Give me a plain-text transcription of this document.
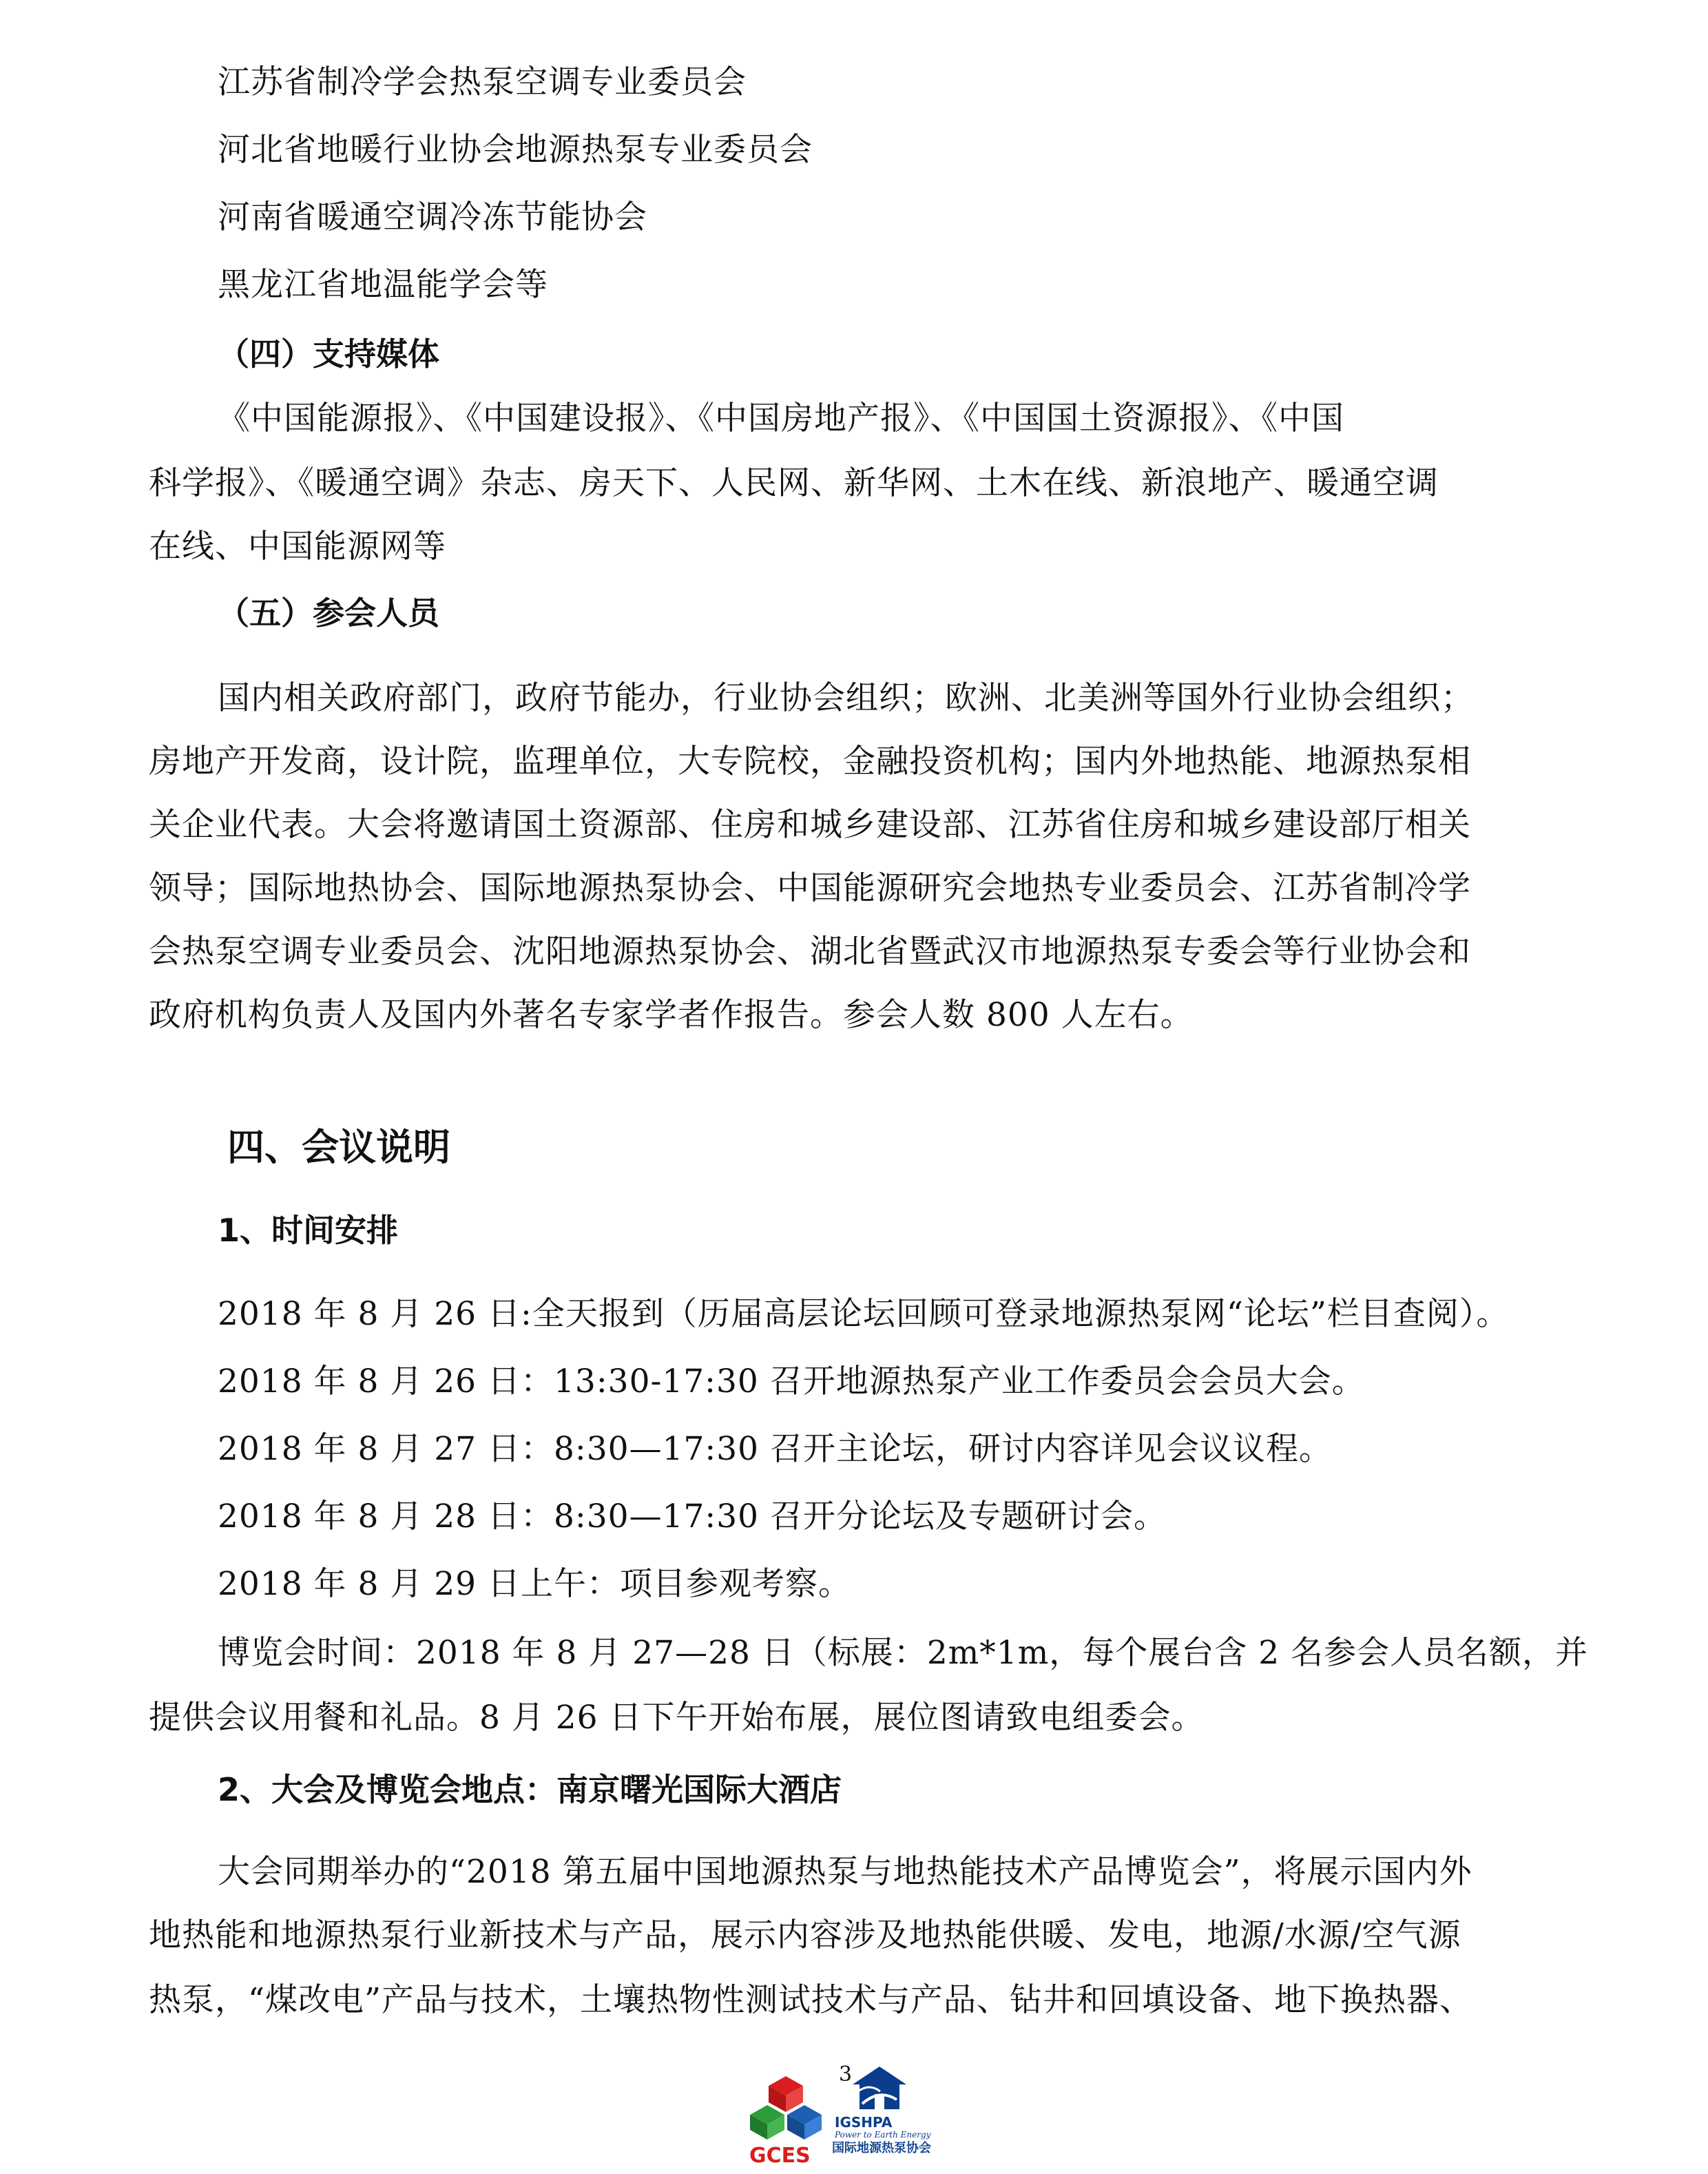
江苏省制冷学会热泵空调专业委员会
河北省地暖行业协会地源热泵专业委员会
河南省暖通空调冷冻节能协会
黑龙江省地温能学会等
（四）支持媒体
《中国能源报》、《中国建设报》、《中国房地产报》、《中国国土资源报》、《中国
科学报》、《暖通空调》杂志、房天下、人民网、新华网、土木在线、新浪地产、暖通空调
在线、中国能源网等
（五）参会人员
国内相关政府部门，政府节能办，行业协会组织；欧洲、北美洲等国外行业协会组织；
房地产开发商，设计院，监理单位，大专院校，金融投资机构；国内外地热能、地源热泵相
关企业代表。大会将邀请国土资源部、住房和城乡建设部、江苏省住房和城乡建设部厅相关
领导；国际地热协会、国际地源热泵协会、中国能源研究会地热专业委员会、江苏省制冷学
会热泵空调专业委员会、沈阳地源热泵协会、湖北省暨武汉市地源热泵专委会等行业协会和
政府机构负责人及国内外著名专家学者作报告。参会人数 800 人左右。
四、会议说明
1、时间安排
2018 年 8 月 26 日:全天报到（历届高层论坛回顾可登录地源热泵网“论坛”栏目查阅）。
2018 年 8 月 26 日：13:30-17:30 召开地源热泵产业工作委员会会员大会。
2018 年 8 月 27 日：8:30—17:30 召开主论坛，研讨内容详见会议议程。
2018 年 8 月 28 日：8:30—17:30 召开分论坛及专题研讨会。
2018 年 8 月 29 日上午：项目参观考察。
博览会时间：2018 年 8 月 27—28 日（标展：2m*1m，每个展台含 2 名参会人员名额，并
提供会议用餐和礼品。8 月 26 日下午开始布展，展位图请致电组委会。
2、大会及博览会地点：南京曙光国际大酒店
大会同期举办的“2018 第五届中国地源热泵与地热能技术产品博览会”，将展示国内外
地热能和地源热泵行业新技术与产品，展示内容涉及地热能供暖、发电，地源/水源/空气源
热泵，“煤改电”产品与技术，土壤热物性测试技术与产品、钻井和回填设备、地下换热器、
3
GCES
IGSHPA
Power to Earth Energy
国际地源热泵协会
